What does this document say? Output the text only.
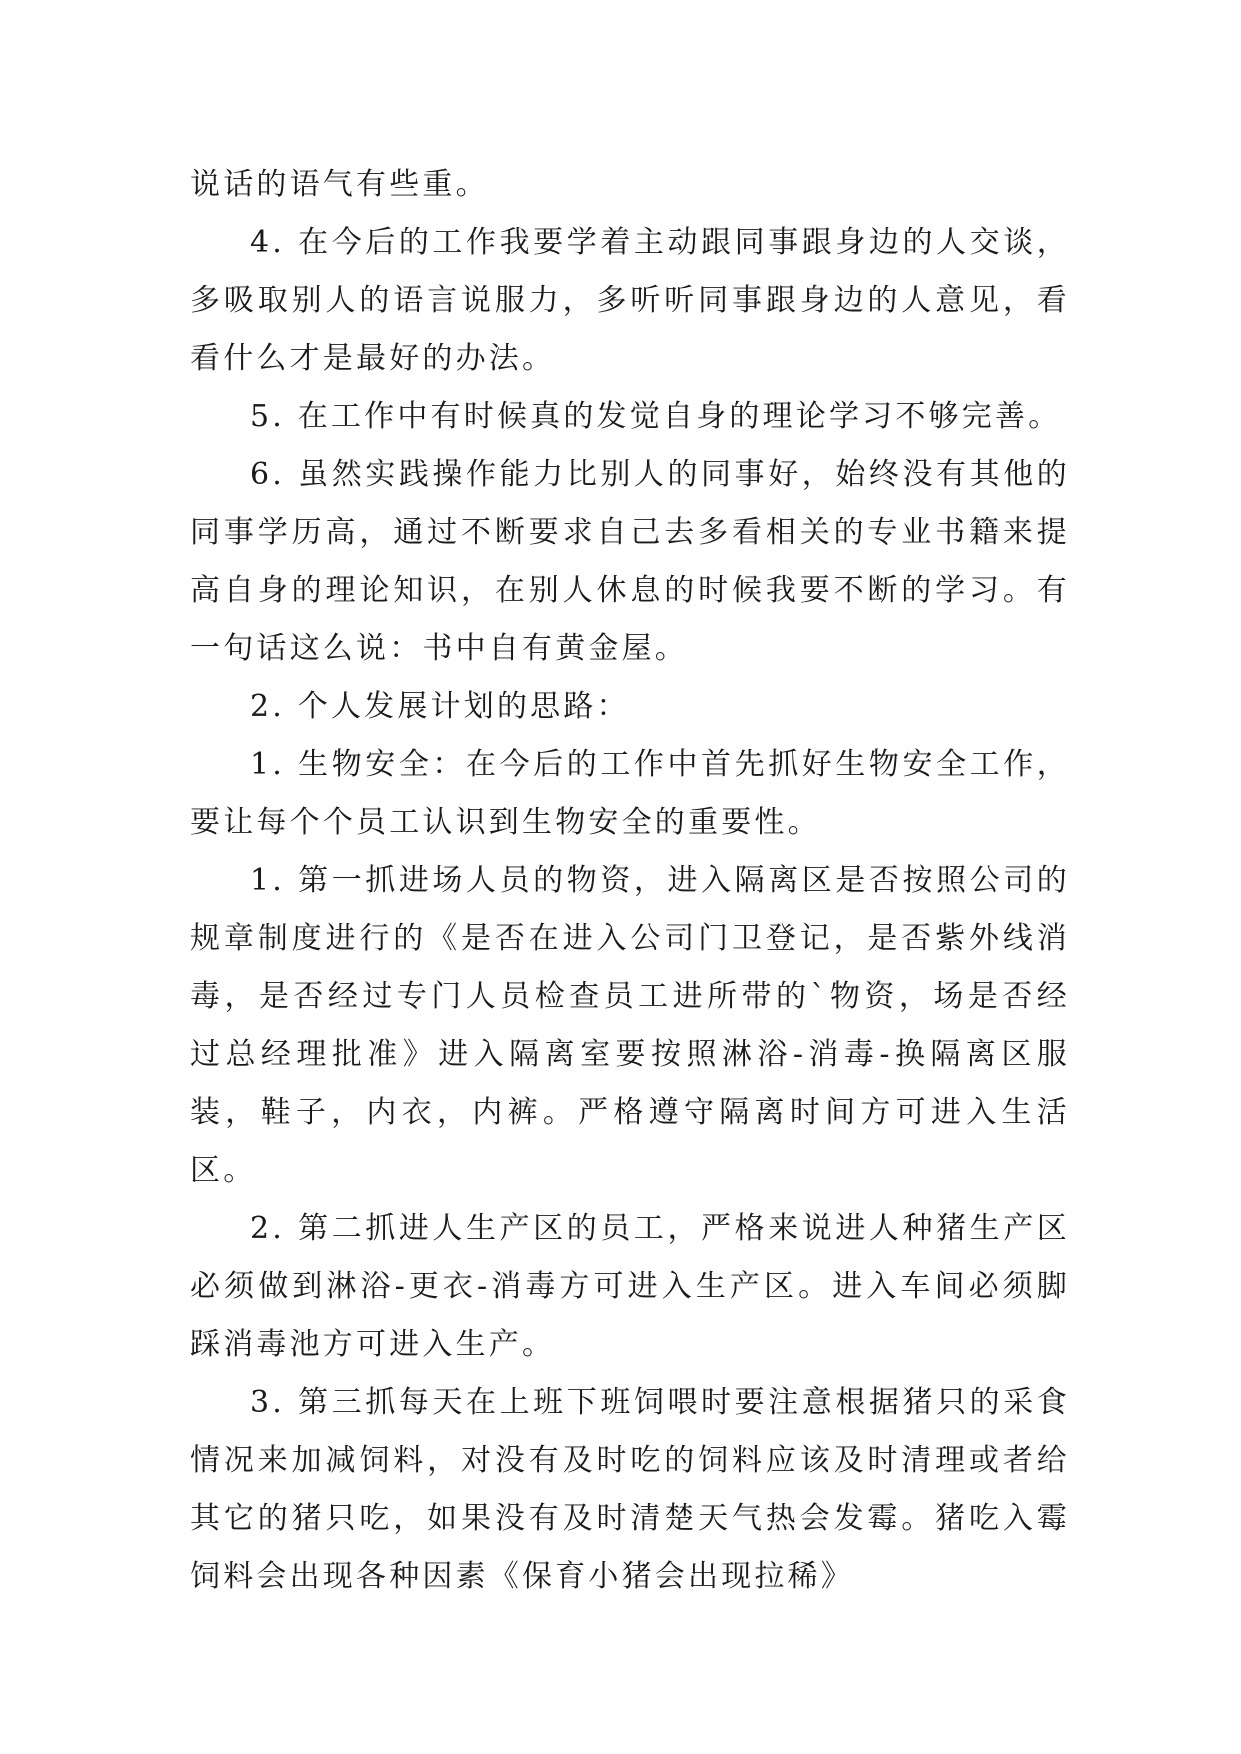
说话的语气有些重。

4. 在今后的工作我要学着主动跟同事跟身边的人交谈，多吸取别人的语言说服力，多听听同事跟身边的人意见，看看什么才是最好的办法。

5. 在工作中有时候真的发觉自身的理论学习不够完善。

6. 虽然实践操作能力比别人的同事好，始终没有其他的同事学历高，通过不断要求自己去多看相关的专业书籍来提高自身的理论知识，在别人休息的时候我要不断的学习。有一句话这么说：书中自有黄金屋。

2. 个人发展计划的思路：

1. 生物安全：在今后的工作中首先抓好生物安全工作，要让每个个员工认识到生物安全的重要性。

1. 第一抓进场人员的物资，进入隔离区是否按照公司的规章制度进行的《是否在进入公司门卫登记，是否紫外线消毒，是否经过专门人员检查员工进所带的`物资，场是否经过总经理批准》进入隔离室要按照淋浴-消毒-换隔离区服装，鞋子，内衣，内裤。严格遵守隔离时间方可进入生活区。

2. 第二抓进人生产区的员工，严格来说进人种猪生产区必须做到淋浴-更衣-消毒方可进入生产区。进入车间必须脚踩消毒池方可进入生产。

3. 第三抓每天在上班下班饲喂时要注意根据猪只的采食情况来加减饲料，对没有及时吃的饲料应该及时清理或者给其它的猪只吃，如果没有及时清楚天气热会发霉。猪吃入霉饲料会出现各种因素《保育小猪会出现拉稀》
